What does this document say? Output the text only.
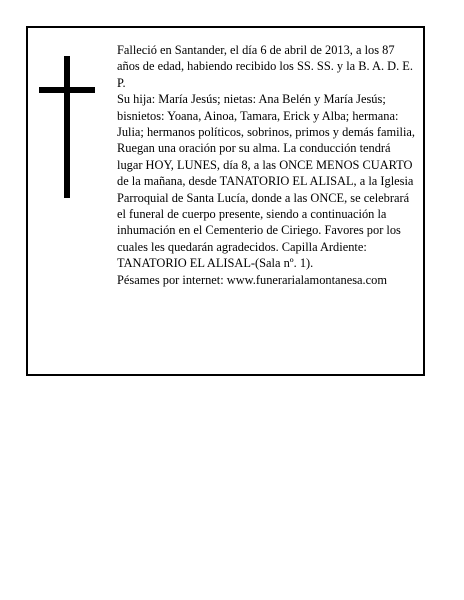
Falleció en Santander, el día 6 de abril de 2013, a los 87 años de edad, habiendo recibido los SS. SS. y la B. A. D. E. P.

Su hija: María Jesús; nietas: Ana Belén y María Jesús; bisnietos: Yoana, Ainoa, Tamara, Erick y Alba; hermana: Julia; hermanos políticos, sobrinos, primos y demás familia,

Ruegan una oración por su alma. La conducción tendrá lugar HOY, LUNES, día 8, a las ONCE MENOS CUARTO de la mañana, desde TANATORIO EL ALISAL, a la Iglesia Parroquial de Santa Lucía, donde a las ONCE, se celebrará el funeral de cuerpo presente, siendo a continuación la inhumación en el Cementerio de Ciriego. Favores por los cuales les quedarán agradecidos. Capilla Ardiente: TANATORIO EL ALISAL-(Sala nº. 1).

Pésames por internet: www.funerarialamontanesa.com
